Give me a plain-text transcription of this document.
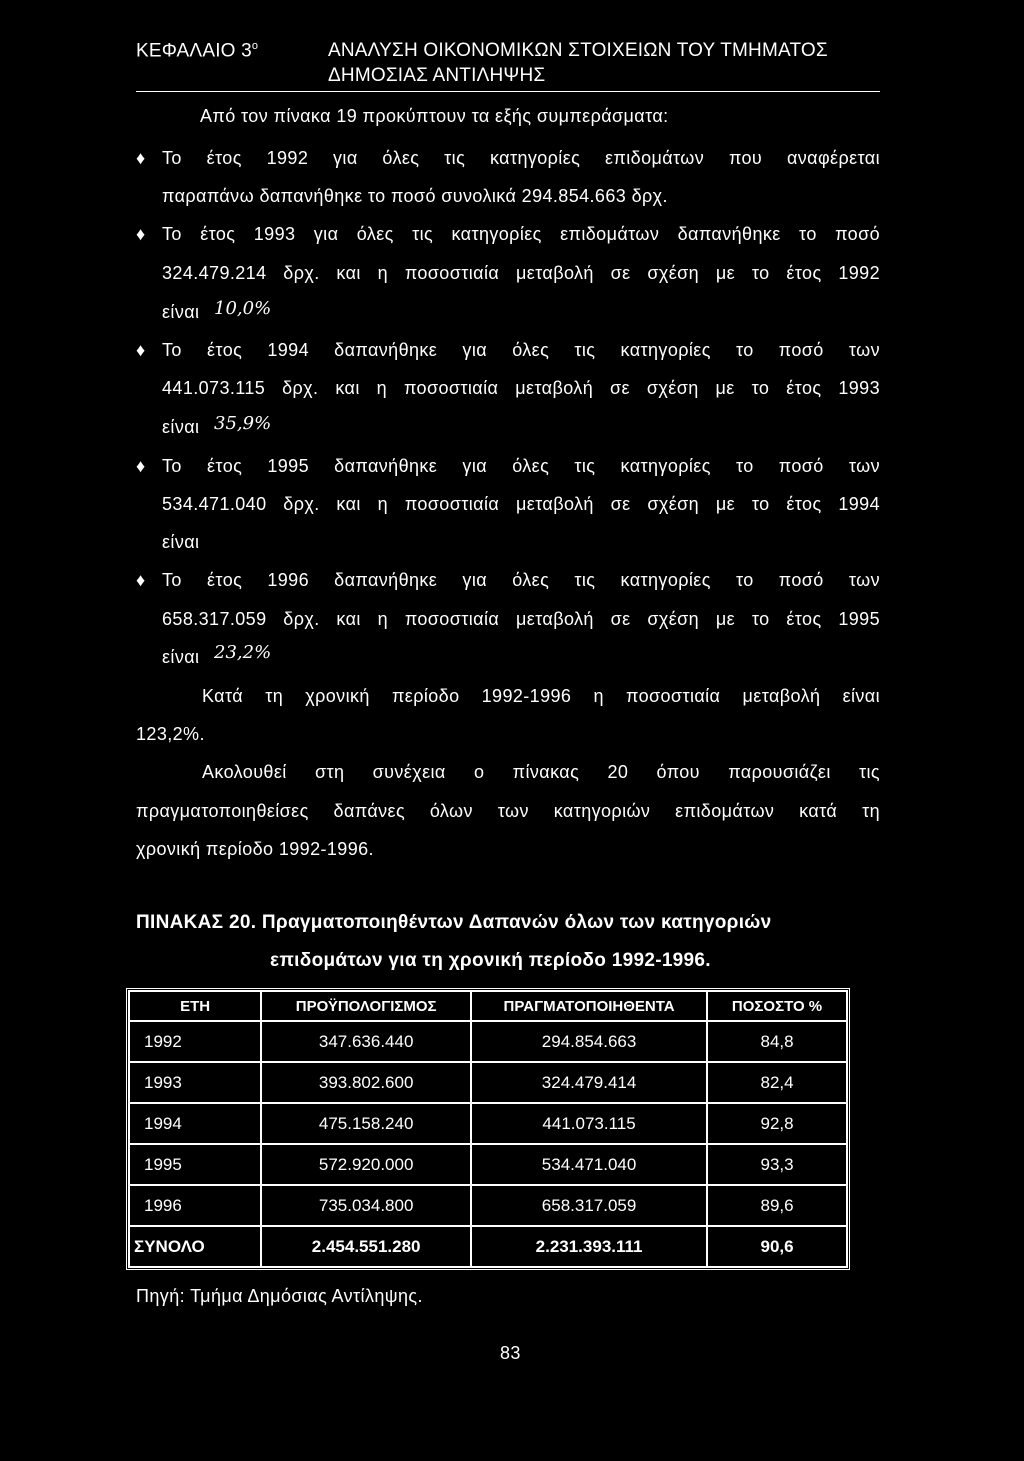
ΚΕΦΑΛΑΙΟ $3^o$	ΑΝΑΛΥΣΗ ΟΙΚΟΝΟΜΙΚΩΝ ΣΤΟΙΧΕΙΩΝ ΤΟΥ ΤΜΗΜΑΤΟΣ
ΔΗΜΟΣΙΑΣ ΑΝΤΙΛΗΨΗΣ
Από τον πίνακα 19 προκύπτουν τα εξής συμπεράσματα:
♦ Το έτος 1992 για όλες τις κατηγορίες επιδομάτων που αναφέρεται
παραπάνω δαπανήθηκε το ποσό συνολικά 294.854.663 δρχ.
♦ Το έτος 1993 για όλες τις κατηγορίες επιδομάτων δαπανήθηκε το ποσό
324.479.214 δρχ. και η ποσοστιαία μεταβολή σε σχέση με το έτος 1992
είναι 10,0%
♦ Το έτος 1994 δαπανήθηκε για όλες τις κατηγορίες το ποσό των
441.073.115 δρχ. και η ποσοστιαία μεταβολή σε σχέση με το έτος 1993
είναι 35,9%
♦ Το έτος 1995 δαπανήθηκε για όλες τις κατηγορίες το ποσό των
534.471.040 δρχ. και η ποσοστιαία μεταβολή σε σχέση με το έτος 1994
είναι
♦ Το έτος 1996 δαπανήθηκε για όλες τις κατηγορίες το ποσό των
658.317.059 δρχ. και η ποσοστιαία μεταβολή σε σχέση με το έτος 1995
είναι 23,2%
Κατά τη χρονική περίοδο 1992-1996 η ποσοστιαία μεταβολή είναι
123,2%.
Ακολουθεί στη συνέχεια ο πίνακας 20 όπου παρουσιάζει τις
πραγματοποιηθείσες δαπάνες όλων των κατηγοριών επιδομάτων κατά τη
χρονική περίοδο 1992-1996.
ΠΙΝΑΚΑΣ 20. Πραγματοποιηθέντων Δαπανών όλων των κατηγοριών
επιδομάτων για τη χρονική περίοδο 1992-1996.
ΕΤΗ	ΠΡΟΫΠΟΛΟΓΙΣΜΟΣ	ΠΡΑΓΜΑΤΟΠΟΙΗΘΕΝΤΑ	ΠΟΣΟΣΤΟ %
1992	347.636.440	294.854.663	84,8
1993	393.802.600	324.479.414	82,4
1994	475.158.240	441.073.115	92,8
1995	572.920.000	534.471.040	93,3
1996	735.034.800	658.317.059	89,6
ΣΥΝΟΛΟ	2.454.551.280	2.231.393.111	90,6
Πηγή: Τμήμα Δημόσιας Αντίληψης.
83
